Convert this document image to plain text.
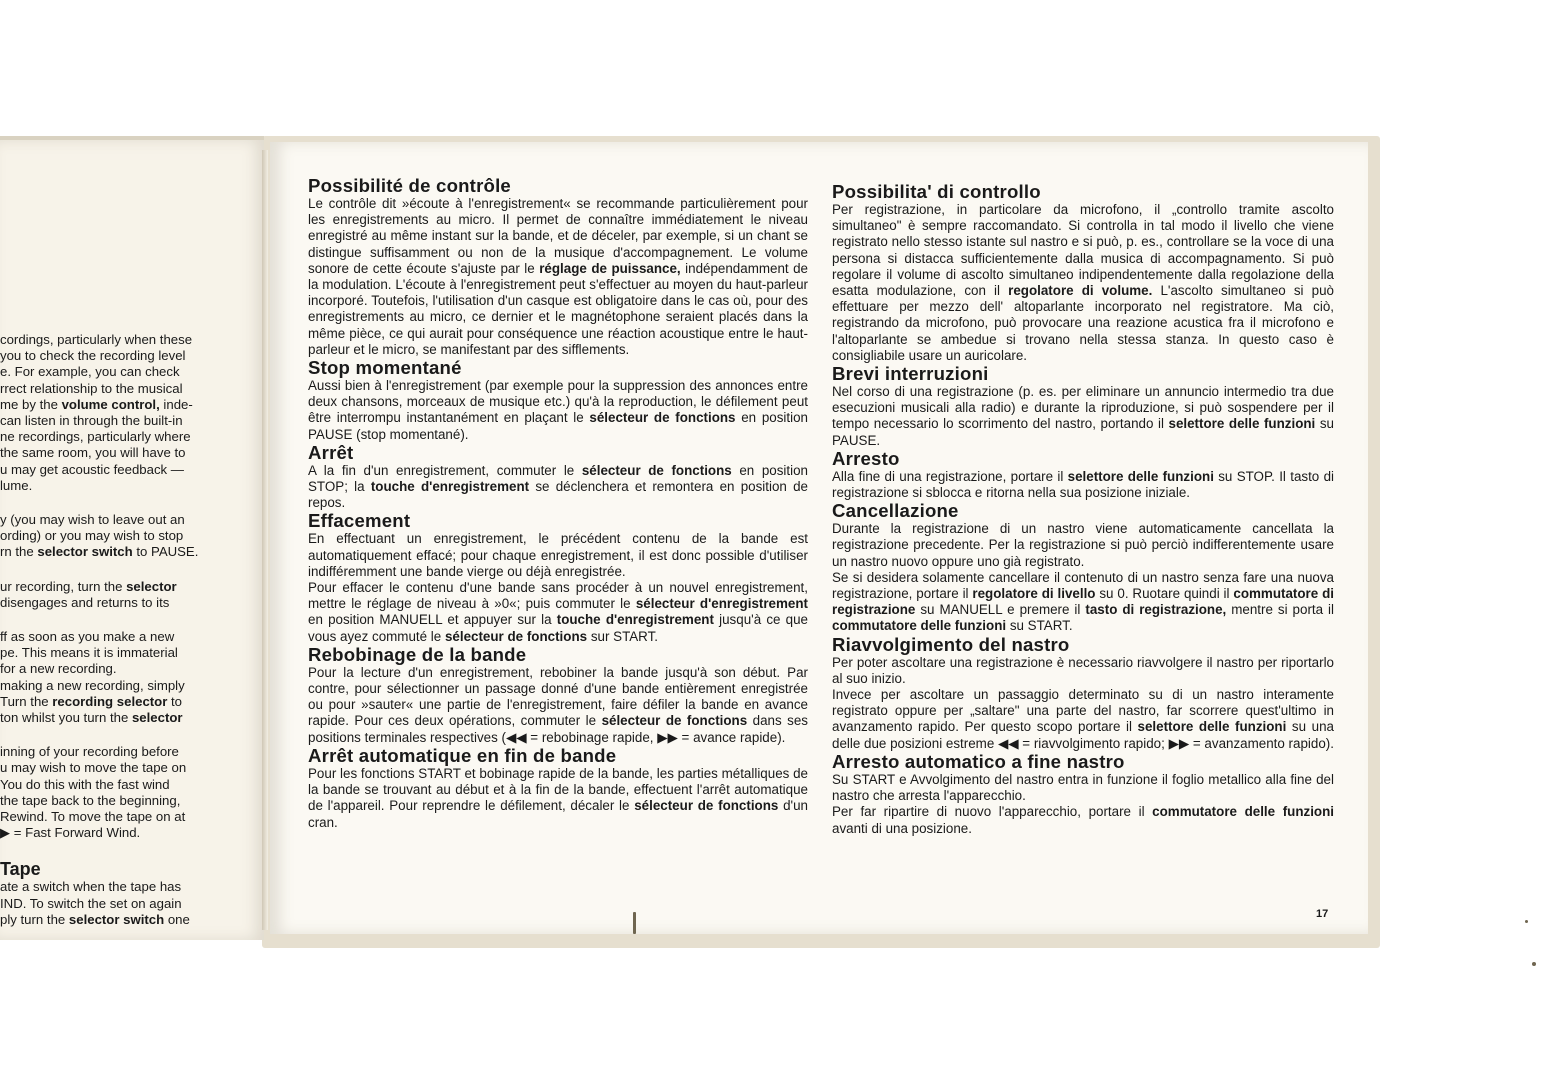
cordings, particularly when these
you to check the recording level
e. For example, you can check
rrect relationship to the musical
me by the volume control, inde-
can listen in through the built-in
ne recordings, particularly where
the same room, you will have to
u may get acoustic feedback —
lume.
y (you may wish to leave out an
ording) or you may wish to stop
rn the selector switch to PAUSE.
ur recording, turn the selector
disengages and returns to its
ff as soon as you make a new
pe. This means it is immaterial
for a new recording.
making a new recording, simply
Turn the recording selector to
ton whilst you turn the selector
inning of your recording before
u may wish to move the tape on
You do this with the fast wind
the tape back to the beginning,
Rewind. To move the tape on at
▶ = Fast Forward Wind.
Tape
ate a switch when the tape has
IND. To switch the set on again
ply turn the selector switch one
Possibilité de contrôle

Le contrôle dit »écoute à l'enregistrement« se recommande particulièrement pour les enregistrements au micro. Il permet de connaître immédiatement le niveau enregistré au même instant sur la bande, et de déceler, par exemple, si un chant se distingue suffisamment ou non de la musique d'accompagnement. Le volume sonore de cette écoute s'ajuste par le réglage de puissance, indépendamment de la modulation. L'écoute à l'enregistrement peut s'effectuer au moyen du haut-parleur incorporé. Toutefois, l'utilisation d'un casque est obligatoire dans le cas où, pour des enregistrements au micro, ce dernier et le magnétophone seraient placés dans la même pièce, ce qui aurait pour conséquence une réaction acoustique entre le haut-parleur et le micro, se manifestant par des sifflements.

Stop momentané

Aussi bien à l'enregistrement (par exemple pour la suppression des annonces entre deux chansons, morceaux de musique etc.) qu'à la reproduction, le défilement peut être interrompu instantanément en plaçant le sélecteur de fonctions en position PAUSE (stop momentané).

Arrêt

A la fin d'un enregistrement, commuter le sélecteur de fonctions en position STOP; la touche d'enregistrement se déclenchera et remontera en position de repos.

Effacement

En effectuant un enregistrement, le précédent contenu de la bande est automatiquement effacé; pour chaque enregistrement, il est donc possible d'utiliser indifféremment une bande vierge ou déjà enregistrée.

Pour effacer le contenu d'une bande sans procéder à un nouvel enregistrement, mettre le réglage de niveau à »0«; puis commuter le sélecteur d'enregistrement en position MANUELL et appuyer sur la touche d'enregistrement jusqu'à ce que vous ayez commuté le sélecteur de fonctions sur START.

Rebobinage de la bande

Pour la lecture d'un enregistrement, rebobiner la bande jusqu'à son début. Par contre, pour sélectionner un passage donné d'une bande entièrement enregistrée ou pour »sauter« une partie de l'enregistrement, faire défiler la bande en avance rapide. Pour ces deux opérations, commuter le sélecteur de fonctions dans ses positions terminales respectives (◀◀ = rebobinage rapide, ▶▶ = avance rapide).

Arrêt automatique en fin de bande

Pour les fonctions START et bobinage rapide de la bande, les parties métalliques de la bande se trouvant au début et à la fin de la bande, effectuent l'arrêt automatique de l'appareil. Pour reprendre le défilement, décaler le sélecteur de fonctions d'un cran.

Possibilita' di controllo

Per registrazione, in particolare da microfono, il „controllo tramite ascolto simultaneo" è sempre raccomandato. Si controlla in tal modo il livello che viene registrato nello stesso istante sul nastro e si può, p. es., controllare se la voce di una persona si distacca sufficientemente dalla musica di accompagnamento. Si può regolare il volume di ascolto simultaneo indipendentemente dalla regolazione della esatta modulazione, con il regolatore di volume. L'ascolto simultaneo si può effettuare per mezzo dell' altoparlante incorporato nel registratore. Ma ciò, registrando da microfono, può provocare una reazione acustica fra il microfono e l'altoparlante se ambedue si trovano nella stessa stanza. In questo caso è consigliabile usare un auricolare.

Brevi interruzioni

Nel corso di una registrazione (p. es. per eliminare un annuncio intermedio tra due esecuzioni musicali alla radio) e durante la riproduzione, si può sospendere per il tempo necessario lo scorrimento del nastro, portando il selettore delle funzioni su PAUSE.

Arresto

Alla fine di una registrazione, portare il selettore delle funzioni su STOP. Il tasto di registrazione si sblocca e ritorna nella sua posizione iniziale.

Cancellazione

Durante la registrazione di un nastro viene automaticamente cancellata la registrazione precedente. Per la registrazione si può perciò indifferentemente usare un nastro nuovo oppure uno già registrato.

Se si desidera solamente cancellare il contenuto di un nastro senza fare una nuova registrazione, portare il regolatore di livello su 0. Ruotare quindi il commutatore di registrazione su MANUELL e premere il tasto di registrazione, mentre si porta il commutatore delle funzioni su START.

Riavvolgimento del nastro

Per poter ascoltare una registrazione è necessario riavvolgere il nastro per riportarlo al suo inizio.

Invece per ascoltare un passaggio determinato su di un nastro interamente registrato oppure per „saltare" una parte del nastro, far scorrere quest'ultimo in avanzamento rapido. Per questo scopo portare il selettore delle funzioni su una delle due posizioni estreme ◀◀ = riavvolgimento rapido; ▶▶ = avanzamento rapido).

Arresto automatico a fine nastro

Su START e Avvolgimento del nastro entra in funzione il foglio metallico alla fine del nastro che arresta l'apparecchio.

Per far ripartire di nuovo l'apparecchio, portare il commutatore delle funzioni avanti di una posizione.

17
